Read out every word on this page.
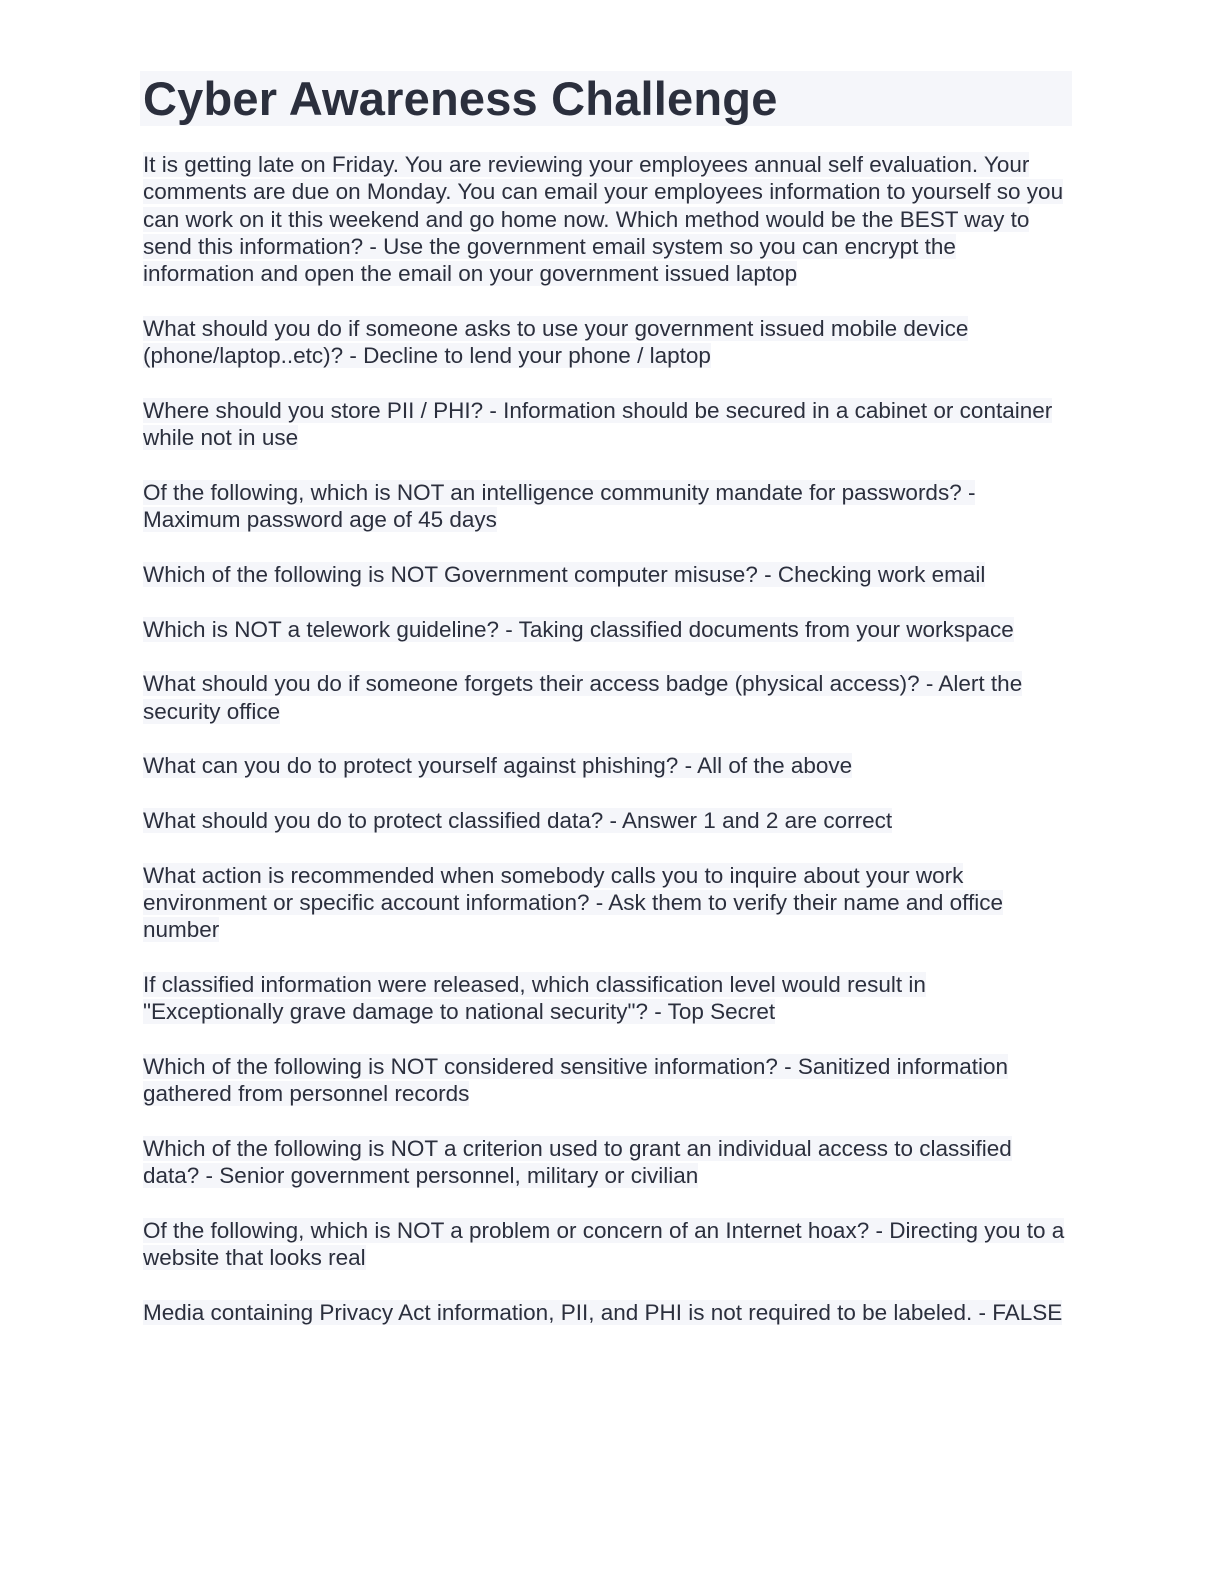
Cyber Awareness Challenge
It is getting late on Friday. You are reviewing your employees annual self evaluation. Your comments are due on Monday. You can email your employees information to yourself so you can work on it this weekend and go home now. Which method would be the BEST way to send this information? - Use the government email system so you can encrypt the information and open the email on your government issued laptop
What should you do if someone asks to use your government issued mobile device (phone/laptop..etc)? - Decline to lend your phone / laptop
Where should you store PII / PHI? - Information should be secured in a cabinet or container while not in use
Of the following, which is NOT an intelligence community mandate for passwords? - Maximum password age of 45 days
Which of the following is NOT Government computer misuse? - Checking work email
Which is NOT a telework guideline? - Taking classified documents from your workspace
What should you do if someone forgets their access badge (physical access)? - Alert the security office
What can you do to protect yourself against phishing? - All of the above
What should you do to protect classified data? - Answer 1 and 2 are correct
What action is recommended when somebody calls you to inquire about your work environment or specific account information? - Ask them to verify their name and office number
If classified information were released, which classification level would result in "Exceptionally grave damage to national security"? - Top Secret
Which of the following is NOT considered sensitive information? - Sanitized information gathered from personnel records
Which of the following is NOT a criterion used to grant an individual access to classified data? - Senior government personnel, military or civilian
Of the following, which is NOT a problem or concern of an Internet hoax? - Directing you to a website that looks real
Media containing Privacy Act information, PII, and PHI is not required to be labeled. - FALSE
